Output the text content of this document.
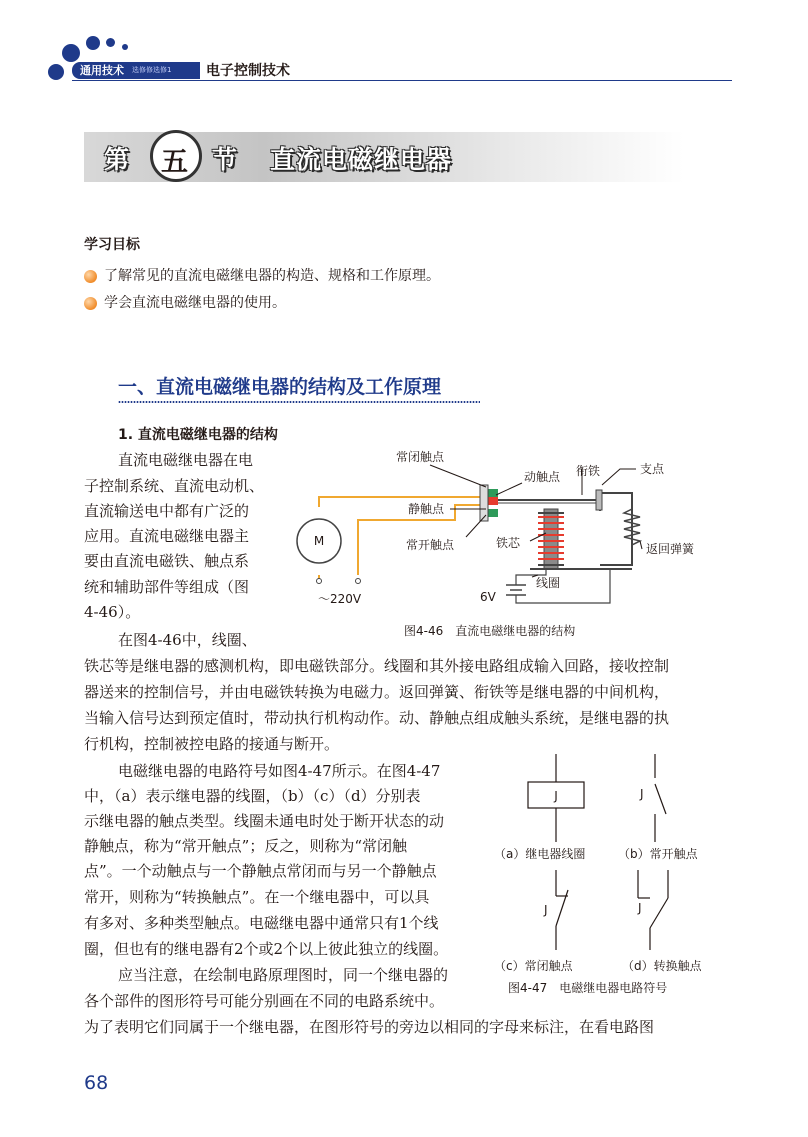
通用技术 选修修选修1 电子控制技术
第 五 节 直流电磁继电器
学习目标
了解常见的直流电磁继电器的构造、规格和工作原理。
学会直流电磁继电器的使用。
一、直流电磁继电器的结构及工作原理
1. 直流电磁继电器的结构
直流电磁继电器在电
子控制系统、直流电动机、
直流输送电中都有广泛的
应用。直流电磁继电器主
要由直流电磁铁、触点系
统和辅助部件等组成（图
4-46）。
M
～220V
常闭触点
动触点 衔铁	支点
静触点
常开触点	铁芯	返回弹簧
线圈
6V
图4-46　直流电磁继电器的结构
在图4-46中，线圈、
铁芯等是继电器的感测机构，即电磁铁部分。线圈和其外接电路组成输入回路，接收控制
器送来的控制信号，并由电磁铁转换为电磁力。返回弹簧、衔铁等是继电器的中间机构，
当输入信号达到预定值时，带动执行机构动作。动、静触点组成触头系统，是继电器的执
行机构，控制被控电路的接通与断开。
电磁继电器的电路符号如图4-47所示。在图4-47
中，（a）表示继电器的线圈，（b）（c）（d）分别表
示继电器的触点类型。线圈未通电时处于断开状态的动
静触点，称为“常开触点”；反之，则称为“常闭触
点”。一个动触点与一个静触点常闭而与另一个静触点
常开，则称为“转换触点”。在一个继电器中，可以具
有多对、多种类型触点。电磁继电器中通常只有1个线
圈，但也有的继电器有2个或2个以上彼此独立的线圈。
应当注意，在绘制电路原理图时，同一个继电器的
各个部件的图形符号可能分别画在不同的电路系统中。
为了表明它们同属于一个继电器，在图形符号的旁边以相同的字母来标注，在看电路图
J
（a）继电器线圈
J
（b）常开触点
J
（c）常闭触点
J
（d）转换触点
图4-47　电磁继电器电路符号
68
